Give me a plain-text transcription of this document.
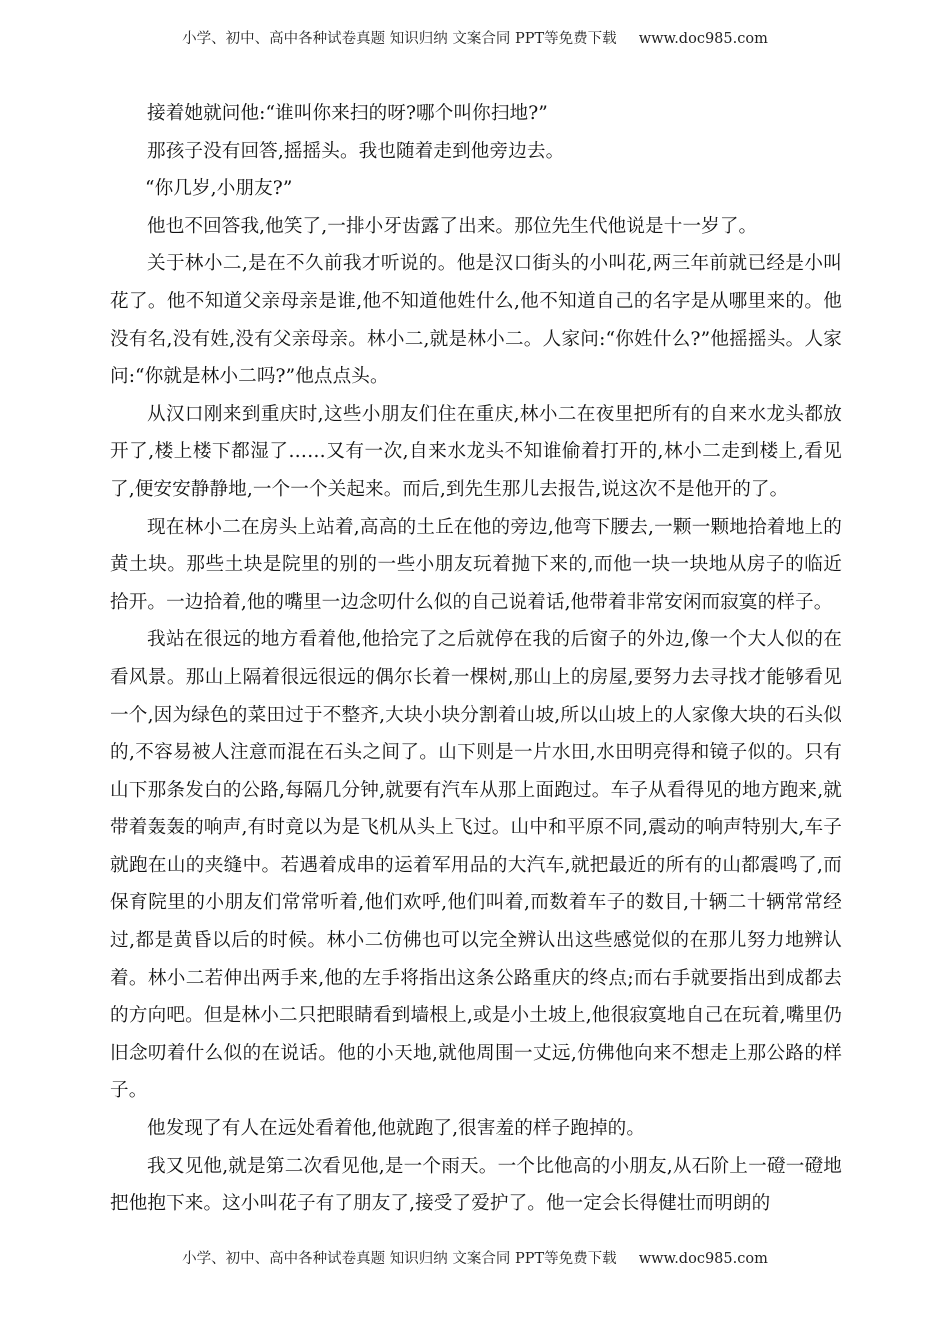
小学、初中、高中各种试卷真题 知识归纳 文案合同 PPT等免费下载 www.doc985.com

接着她就问他:“谁叫你来扫的呀?哪个叫你扫地?”

那孩子没有回答,摇摇头。我也随着走到他旁边去。

“你几岁,小朋友?”

他也不回答我,他笑了,一排小牙齿露了出来。那位先生代他说是十一岁了。

关于林小二,是在不久前我才听说的。他是汉口街头的小叫花,两三年前就已经是小叫花了。他不知道父亲母亲是谁,他不知道他姓什么,他不知道自己的名字是从哪里来的。他没有名,没有姓,没有父亲母亲。林小二,就是林小二。人家问:“你姓什么?”他摇摇头。人家问:“你就是林小二吗?”他点点头。

从汉口刚来到重庆时,这些小朋友们住在重庆,林小二在夜里把所有的自来水龙头都放开了,楼上楼下都湿了……又有一次,自来水龙头不知谁偷着打开的,林小二走到楼上,看见了,便安安静静地,一个一个关起来。而后,到先生那儿去报告,说这次不是他开的了。

现在林小二在房头上站着,高高的土丘在他的旁边,他弯下腰去,一颗一颗地拾着地上的黄土块。那些土块是院里的别的一些小朋友玩着抛下来的,而他一块一块地从房子的临近拾开。一边拾着,他的嘴里一边念叨什么似的自己说着话,他带着非常安闲而寂寞的样子。

我站在很远的地方看着他,他拾完了之后就停在我的后窗子的外边,像一个大人似的在看风景。那山上隔着很远很远的偶尔长着一棵树,那山上的房屋,要努力去寻找才能够看见一个,因为绿色的菜田过于不整齐,大块小块分割着山坡,所以山坡上的人家像大块的石头似的,不容易被人注意而混在石头之间了。山下则是一片水田,水田明亮得和镜子似的。只有山下那条发白的公路,每隔几分钟,就要有汽车从那上面跑过。车子从看得见的地方跑来,就带着轰轰的响声,有时竟以为是飞机从头上飞过。山中和平原不同,震动的响声特别大,车子就跑在山的夹缝中。若遇着成串的运着军用品的大汽车,就把最近的所有的山都震鸣了,而保育院里的小朋友们常常听着,他们欢呼,他们叫着,而数着车子的数目,十辆二十辆常常经过,都是黄昏以后的时候。林小二仿佛也可以完全辨认出这些感觉似的在那儿努力地辨认着。林小二若伸出两手来,他的左手将指出这条公路重庆的终点;而右手就要指出到成都去的方向吧。但是林小二只把眼睛看到墙根上,或是小土坡上,他很寂寞地自己在玩着,嘴里仍旧念叨着什么似的在说话。他的小天地,就他周围一丈远,仿佛他向来不想走上那公路的样子。

他发现了有人在远处看着他,他就跑了,很害羞的样子跑掉的。

我又见他,就是第二次看见他,是一个雨天。一个比他高的小朋友,从石阶上一磴一磴地把他抱下来。这小叫花子有了朋友了,接受了爱护了。他一定会长得健壮而明朗的

小学、初中、高中各种试卷真题 知识归纳 文案合同 PPT等免费下载 www.doc985.com
